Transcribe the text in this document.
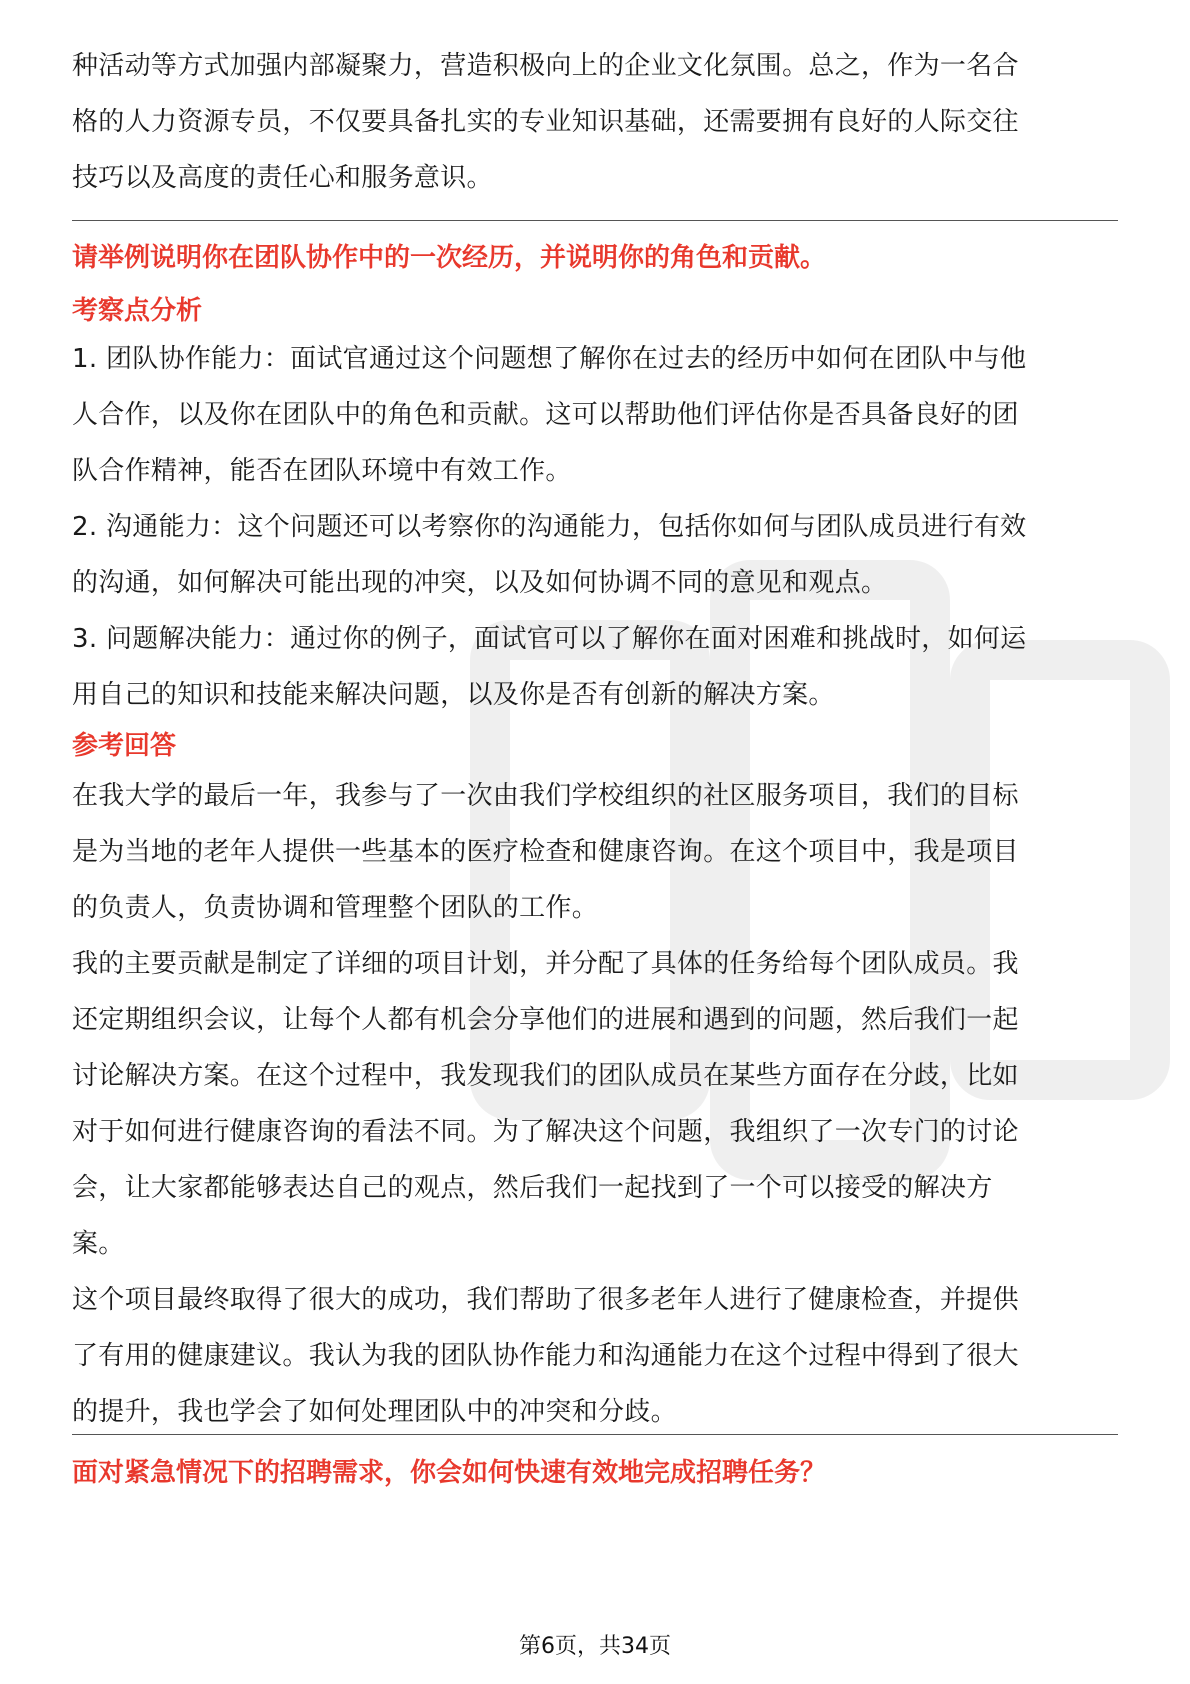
种活动等方式加强内部凝聚力，营造积极向上的企业文化氛围。总之，作为一名合

格的人力资源专员，不仅要具备扎实的专业知识基础，还需要拥有良好的人际交往

技巧以及高度的责任心和服务意识。

请举例说明你在团队协作中的一次经历，并说明你的角色和贡献。

考察点分析

1. 团队协作能力：面试官通过这个问题想了解你在过去的经历中如何在团队中与他

人合作，以及你在团队中的角色和贡献。这可以帮助他们评估你是否具备良好的团

队合作精神，能否在团队环境中有效工作。

2. 沟通能力：这个问题还可以考察你的沟通能力，包括你如何与团队成员进行有效

的沟通，如何解决可能出现的冲突，以及如何协调不同的意见和观点。

3. 问题解决能力：通过你的例子，面试官可以了解你在面对困难和挑战时，如何运

用自己的知识和技能来解决问题，以及你是否有创新的解决方案。

参考回答

在我大学的最后一年，我参与了一次由我们学校组织的社区服务项目，我们的目标

是为当地的老年人提供一些基本的医疗检查和健康咨询。在这个项目中，我是项目

的负责人，负责协调和管理整个团队的工作。

我的主要贡献是制定了详细的项目计划，并分配了具体的任务给每个团队成员。我

还定期组织会议，让每个人都有机会分享他们的进展和遇到的问题，然后我们一起

讨论解决方案。在这个过程中，我发现我们的团队成员在某些方面存在分歧，比如

对于如何进行健康咨询的看法不同。为了解决这个问题，我组织了一次专门的讨论

会，让大家都能够表达自己的观点，然后我们一起找到了一个可以接受的解决方

案。

这个项目最终取得了很大的成功，我们帮助了很多老年人进行了健康检查，并提供

了有用的健康建议。我认为我的团队协作能力和沟通能力在这个过程中得到了很大

的提升，我也学会了如何处理团队中的冲突和分歧。

面对紧急情况下的招聘需求，你会如何快速有效地完成招聘任务？

第6页，共34页
